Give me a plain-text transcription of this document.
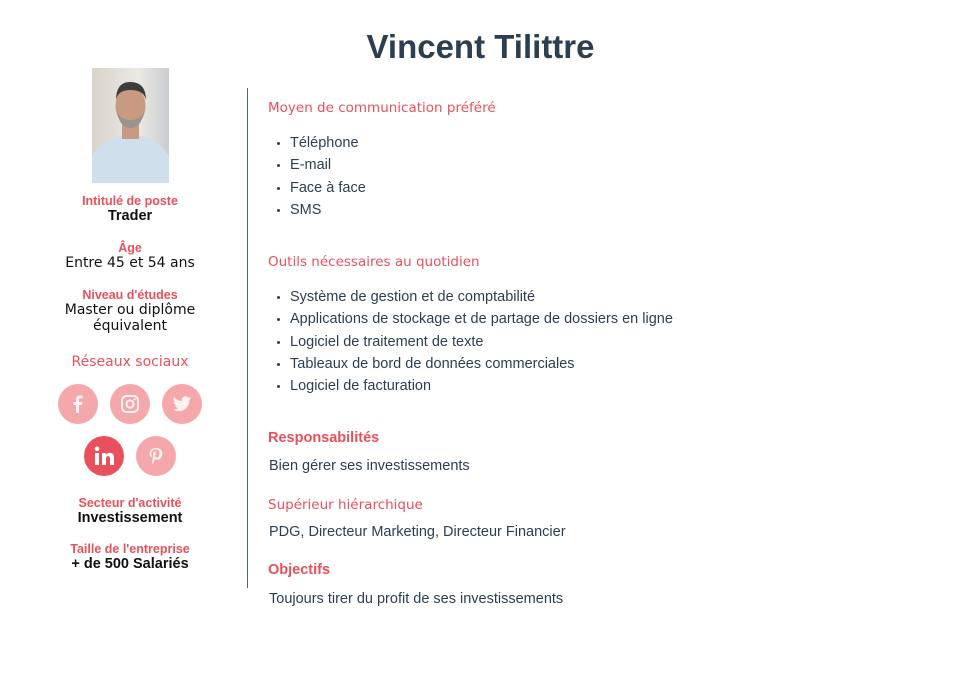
Vincent Tilittre
Intitulé de poste
Trader
Âge
Entre 45 et 54 ans
Niveau d'études
Master ou diplôme équivalent
Réseaux sociaux
Secteur d'activité
Investissement
Taille de l'entreprise
+ de 500 Salariés
Moyen de communication préféré
Téléphone
E-mail
Face à face
SMS
Outils nécessaires au quotidien
Système de gestion et de comptabilité
Applications de stockage et de partage de dossiers en ligne
Logiciel de traitement de texte
Tableaux de bord de données commerciales
Logiciel de facturation
Responsabilités
Bien gérer ses investissements
Supérieur hiérarchique
PDG, Directeur Marketing, Directeur Financier
Objectifs
Toujours tirer du profit de ses investissements
